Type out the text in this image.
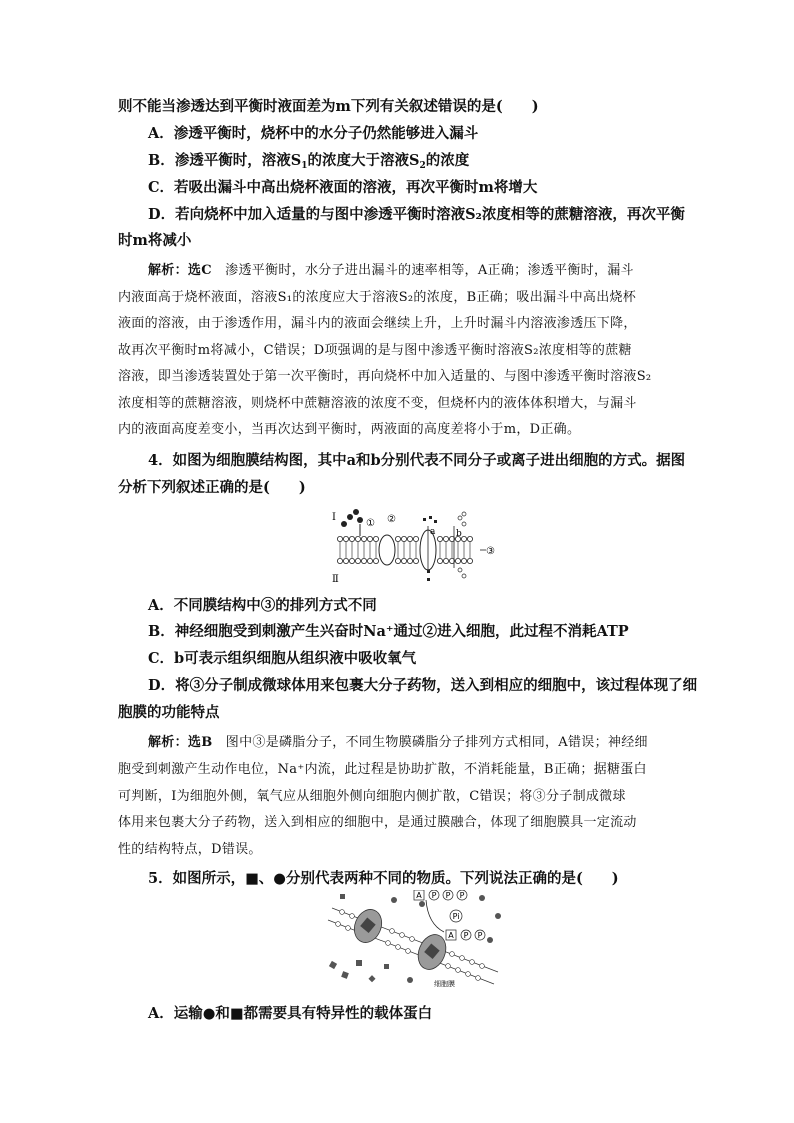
则不能当渗透达到平衡时液面差为m下列有关叙述错误的是(　　)
A．渗透平衡时，烧杯中的水分子仍然能够进入漏斗
B．渗透平衡时，溶液$S_1$的浓度大于溶液$S_2$的浓度
C．若吸出漏斗中高出烧杯液面的溶液，再次平衡时m将增大
D．若向烧杯中加入适量的与图中渗透平衡时溶液S₂浓度相等的蔗糖溶液，再次平衡
时m将减小
解析：选C　渗透平衡时，水分子进出漏斗的速率相等，A正确；渗透平衡时，漏斗
内液面高于烧杯液面，溶液S₁的浓度应大于溶液S₂的浓度，B正确；吸出漏斗中高出烧杯
液面的溶液，由于渗透作用，漏斗内的液面会继续上升，上升时漏斗内溶液渗透压下降，
故再次平衡时m将减小，C错误；D项强调的是与图中渗透平衡时溶液S₂浓度相等的蔗糖
溶液，即当渗透装置处于第一次平衡时，再向烧杯中加入适量的、与图中渗透平衡时溶液S₂
浓度相等的蔗糖溶液，则烧杯中蔗糖溶液的浓度不变，但烧杯内的液体体积增大，与漏斗
内的液面高度差变小，当再次达到平衡时，两液面的高度差将小于m，D正确。
4．如图为细胞膜结构图，其中a和b分别代表不同分子或离子进出细胞的方式。据图
分析下列叙述正确的是(　　)
Ⅰ
Ⅱ
① ②
③
a b
A．不同膜结构中③的排列方式不同
B．神经细胞受到刺激产生兴奋时Na⁺通过②进入细胞，此过程不消耗ATP
C．b可表示组织细胞从组织液中吸收氧气
D．将③分子制成微球体用来包裹大分子药物，送入到相应的细胞中，该过程体现了细
胞膜的功能特点
解析：选B　图中③是磷脂分子，不同生物膜磷脂分子排列方式相同，A错误；神经细
胞受到刺激产生动作电位，Na⁺内流，此过程是协助扩散，不消耗能量，B正确；据糖蛋白
可判断，Ⅰ为细胞外侧，氧气应从细胞外侧向细胞内侧扩散，C错误；将③分子制成微球
体用来包裹大分子药物，送入到相应的细胞中，是通过膜融合，体现了细胞膜具一定流动
性的结构特点，D错误。
5．如图所示，■、●分别代表两种不同的物质。下列说法正确的是(　　)
A P P P
Pi
A P P
细胞膜
A．运输●和■都需要具有特异性的载体蛋白
